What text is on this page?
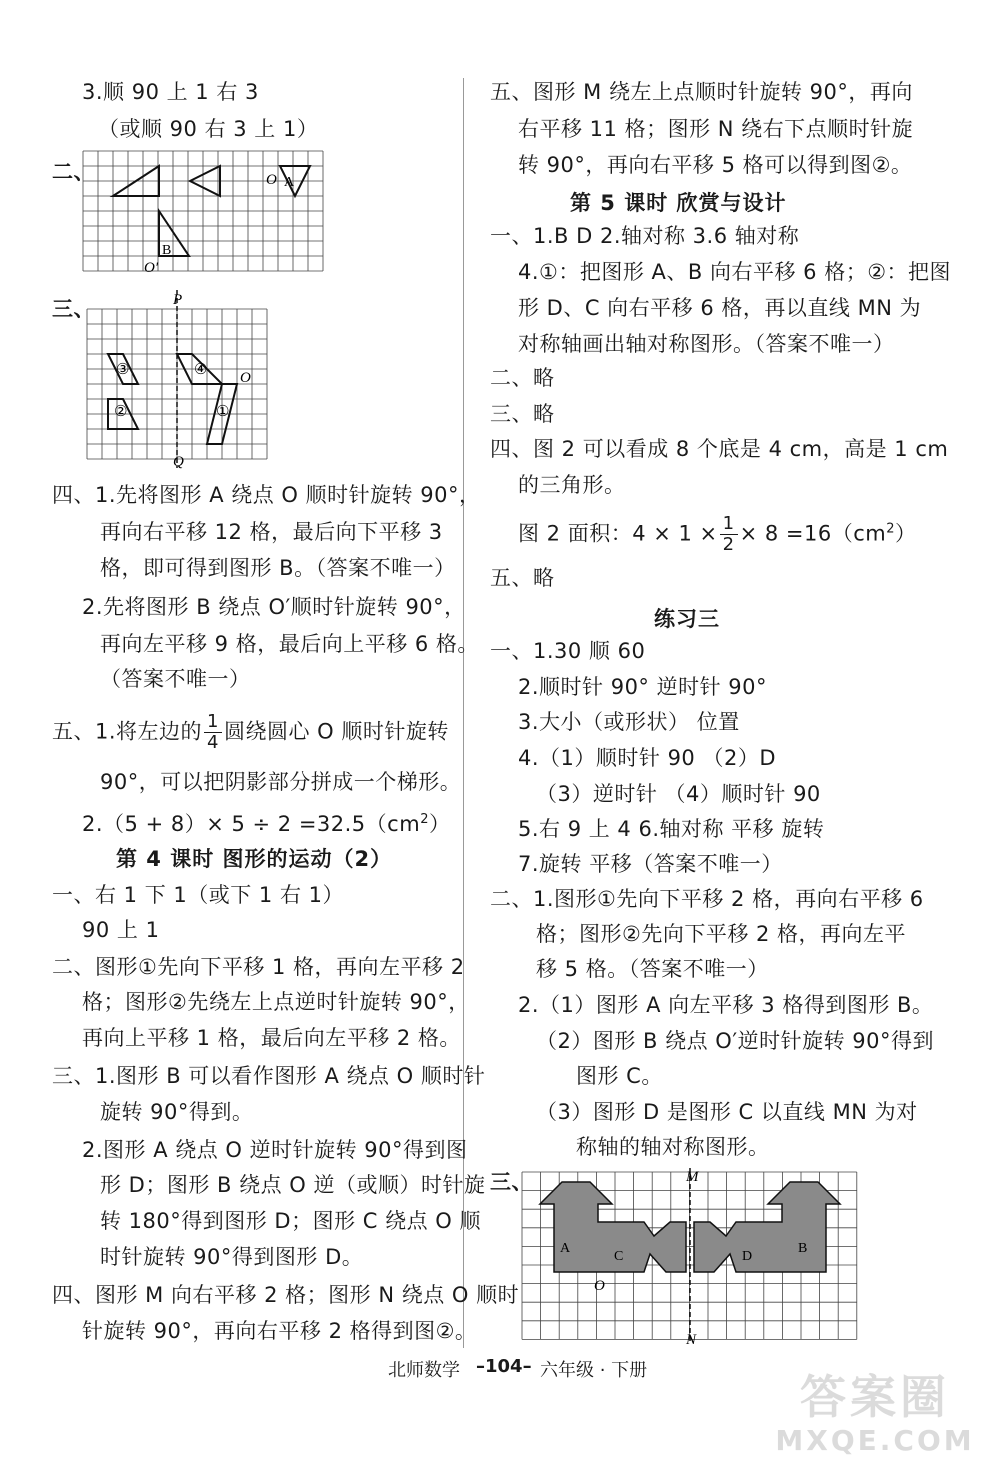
3.顺 90 上 1 右 3
（或顺 90 右 3 上 1）
二、	A
B
O
O′
三、	P
Q
O
①
②
③	④
四、1.先将图形 A 绕点 O 顺时针旋转 90°，
再向右平移 12 格，最后向下平移 3
格，即可得到图形 B。（答案不唯一）
2.先将图形 B 绕点 O′顺时针旋转 90°，
再向左平移 9 格，最后向上平移 6 格。
（答案不唯一）
五、1.将左边的 $\frac{1}{4}$ 圆绕圆心 O 顺时针旋转
90°，可以把阴影部分拼成一个梯形。
$2.(5 + 8)\times 5 \div 2 =32.5(cm^2)$
第 4 课时 图形的运动（2）
一、右 1 下 1（或下 1 右 1）
90 上 1
二、图形①先向下平移 1 格，再向左平移 2
格；图形②先绕左上点逆时针旋转 90°，
再向上平移 1 格，最后向左平移 2 格。
三、1.图形 B 可以看作图形 A 绕点 O 顺时针
旋转 90°得到。
2.图形 A 绕点 O 逆时针旋转 90°得到图
形 D；图形 B 绕点 O 逆（或顺）时针旋
转 180°得到图形 D；图形 C 绕点 O 顺
时针旋转 90°得到图形 D。
四、图形 M 向右平移 2 格；图形 N 绕点 O 顺时
针旋转 90°，再向右平移 2 格得到图②。
五、图形 M 绕左上点顺时针旋转 90°，再向
右平移 11 格；图形 N 绕右下点顺时针旋
转 90°，再向右平移 5 格可以得到图②。
第 5 课时 欣赏与设计
一、1.B D 2.轴对称 3.6 轴对称
4.①：把图形 A、B 向右平移 6 格；②：把图
形 D、C 向右平移 6 格，再以直线 MN 为
对称轴画出轴对称图形。（答案不唯一）
二、略
三、略
四、图 2 可以看成 8 个底是 4 cm，高是 1 cm
的三角形。
图 2 面积：$4 \times 1 \times \frac{1}{2} \times 8 =16(cm^2)$
五、略
练习三
一、1.30 顺 60
2.顺时针 90° 逆时针 90°
3.大小（或形状） 位置
4.（1）顺时针 90 （2）D
（3）逆时针 （4）顺时针 90
5.右 9 上 4 6.轴对称 平移 旋转
7.旋转 平移（答案不唯一）
二、1.图形①先向下平移 2 格，再向右平移 6
格；图形②先向下平移 2 格，再向左平
移 5 格。（答案不唯一）
2.（1）图形 A 向左平移 3 格得到图形 B。
（2）图形 B 绕点 O′逆时针旋转 90°得到
图形 C。
（3）图形 D 是图形 C 以直线 MN 为对
称轴的轴对称图形。
三、	M
N
A	B
C	D
O
北师数学 –104– 六年级 · 下册	答案圈
MXQE.COM
